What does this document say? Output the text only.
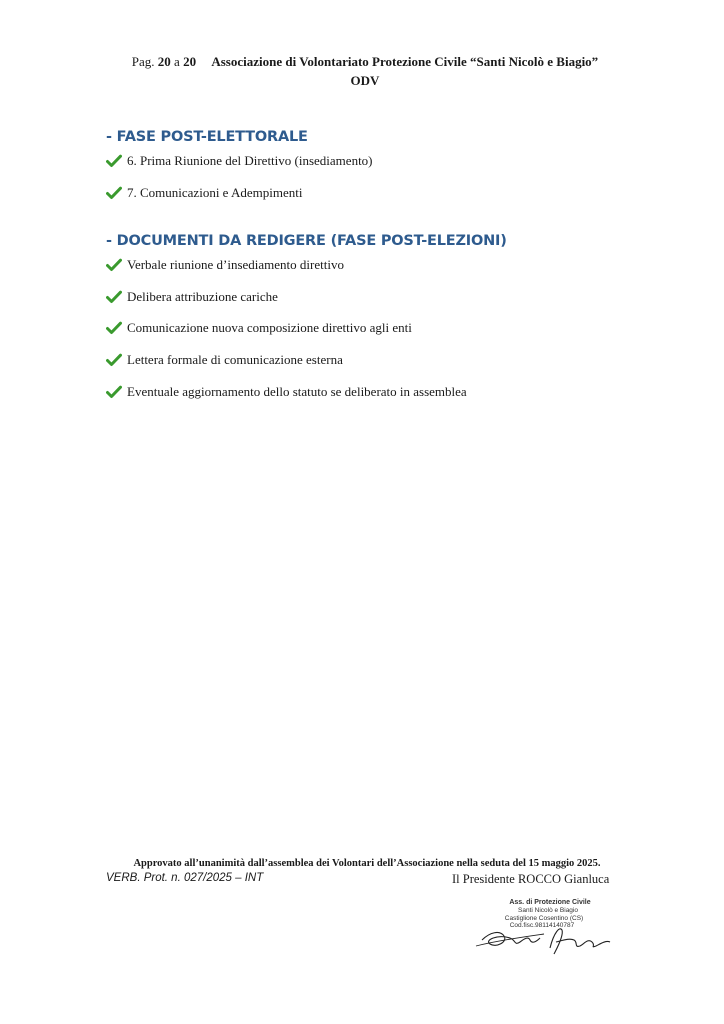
Pag. 20 a 20 Associazione di Volontariato Protezione Civile “Santi Nicolò e Biagio”
ODV
- FASE POST-ELETTORALE
6. Prima Riunione del Direttivo (insediamento)
7. Comunicazioni e Adempimenti
- DOCUMENTI DA REDIGERE (FASE POST-ELEZIONI)
Verbale riunione d’insediamento direttivo
Delibera attribuzione cariche
Comunicazione nuova composizione direttivo agli enti
Lettera formale di comunicazione esterna
Eventuale aggiornamento dello statuto se deliberato in assemblea
Approvato all’unanimità dall’assemblea dei Volontari dell’Associazione nella seduta del 15 maggio 2025.
VERB. Prot. n. 027/2025 – INT	Il Presidente ROCCO Gianluca
Ass. di Protezione Civile
Santi Nicolò e Biagio
Castiglione Cosentino (CS)
Cod.fisc.98114140787
